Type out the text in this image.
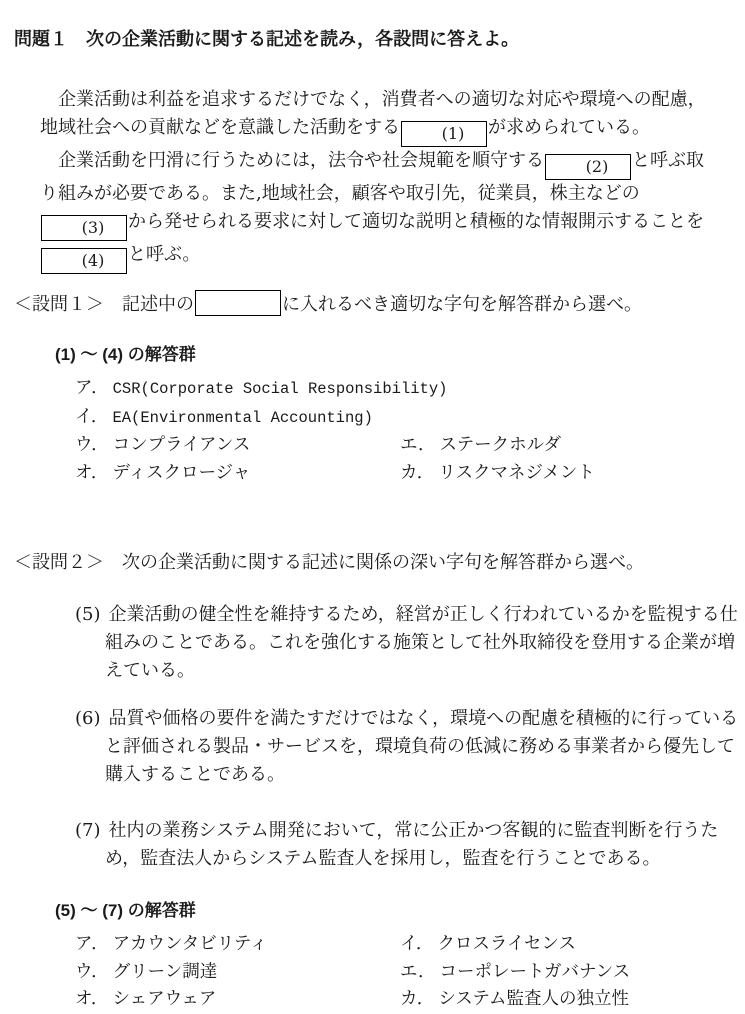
問題１　次の企業活動に関する記述を読み，各設問に答えよ。

企業活動は利益を追求するだけでなく，消費者への適切な対応や環境への配慮，地域社会への貢献などを意識した活動をする	(1) が求められている。

企業活動を円滑に行うためには，法令や社会規範を順守する	(2) と呼ぶ取り組みが必要である。また,地域社会，顧客や取引先，従業員，株主などの(3) から発せられる要求に対して適切な説明と積極的な情報開示することを(4) と呼ぶ。

＜設問１＞ 記述中の	に入れるべき適切な字句を解答群から選べ。
(1) ～ (4) の解答群
ア． CSR(Corporate Social Responsibility)
イ． EA(Environmental Accounting)
ウ． コンプライアンス	エ． ステークホルダ
オ． ディスクロージャ	カ． リスクマネジメント
＜設問２＞ 次の企業活動に関する記述に関係の深い字句を解答群から選べ。
(5) 企業活動の健全性を維持するため，経営が正しく行われているかを監視する仕組みのことである。これを強化する施策として社外取締役を登用する企業が増えている。
(6) 品質や価格の要件を満たすだけではなく，環境への配慮を積極的に行っていると評価される製品・サービスを，環境負荷の低減に務める事業者から優先して購入することである。
(7) 社内の業務システム開発において，常に公正かつ客観的に監査判断を行うため，監査法人からシステム監査人を採用し，監査を行うことである。
(5) ～ (7) の解答群
ア． アカウンタビリティ	イ． クロスライセンス
ウ． グリーン調達	エ． コーポレートガバナンス
オ． シェアウェア	カ． システム監査人の独立性
